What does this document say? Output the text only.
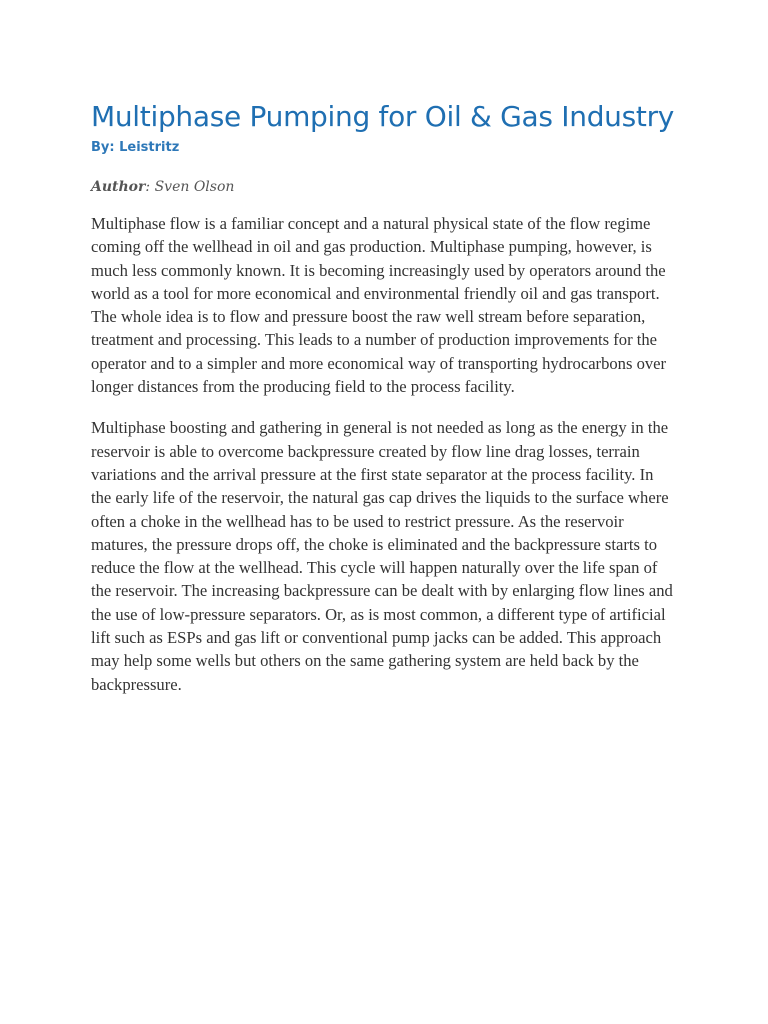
Multiphase Pumping for Oil & Gas Industry

By: Leistritz

Author: Sven Olson

Multiphase flow is a familiar concept and a natural physical state of the flow regime coming off the wellhead in oil and gas production. Multiphase pumping, however, is much less commonly known. It is becoming increasingly used by operators around the world as a tool for more economical and environmental friendly oil and gas transport. The whole idea is to flow and pressure boost the raw well stream before separation, treatment and processing. This leads to a number of production improvements for the operator and to a simpler and more economical way of transporting hydrocarbons over longer distances from the producing field to the process facility.

Multiphase boosting and gathering in general is not needed as long as the energy in the reservoir is able to overcome backpressure created by flow line drag losses, terrain variations and the arrival pressure at the first state separator at the process facility. In the early life of the reservoir, the natural gas cap drives the liquids to the surface where often a choke in the wellhead has to be used to restrict pressure. As the reservoir matures, the pressure drops off, the choke is eliminated and the backpressure starts to reduce the flow at the wellhead. This cycle will happen naturally over the life span of the reservoir. The increasing backpressure can be dealt with by enlarging flow lines and the use of low-pressure separators. Or, as is most common, a different type of artificial lift such as ESPs and gas lift or conventional pump jacks can be added. This approach may help some wells but others on the same gathering system are held back by the backpressure.
